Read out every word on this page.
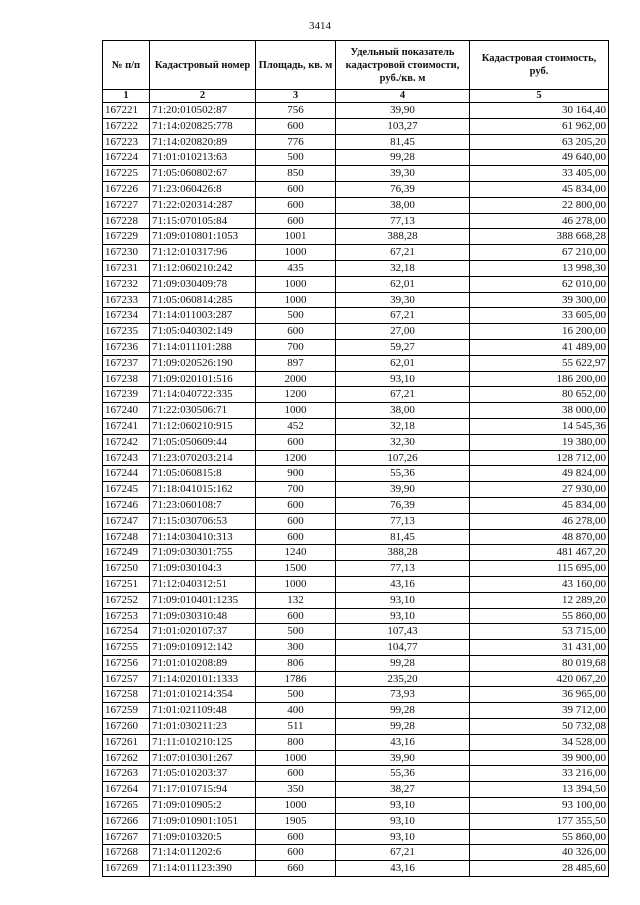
3414
№ п/п	Кадастровый номер	Площадь, кв. м	Удельный показатель кадастровой стоимости, руб./кв. м	Кадастровая стоимость, руб.
1	2	3	4	5
167221	71:20:010502:87	756	39,90	30 164,40
167222	71:14:020825:778	600	103,27	61 962,00
167223	71:14:020820:89	776	81,45	63 205,20
167224	71:01:010213:63	500	99,28	49 640,00
167225	71:05:060802:67	850	39,30	33 405,00
167226	71:23:060426:8	600	76,39	45 834,00
167227	71:22:020314:287	600	38,00	22 800,00
167228	71:15:070105:84	600	77,13	46 278,00
167229	71:09:010801:1053	1001	388,28	388 668,28
167230	71:12:010317:96	1000	67,21	67 210,00
167231	71:12:060210:242	435	32,18	13 998,30
167232	71:09:030409:78	1000	62,01	62 010,00
167233	71:05:060814:285	1000	39,30	39 300,00
167234	71:14:011003:287	500	67,21	33 605,00
167235	71:05:040302:149	600	27,00	16 200,00
167236	71:14:011101:288	700	59,27	41 489,00
167237	71:09:020526:190	897	62,01	55 622,97
167238	71:09:020101:516	2000	93,10	186 200,00
167239	71:14:040722:335	1200	67,21	80 652,00
167240	71:22:030506:71	1000	38,00	38 000,00
167241	71:12:060210:915	452	32,18	14 545,36
167242	71:05:050609:44	600	32,30	19 380,00
167243	71:23:070203:214	1200	107,26	128 712,00
167244	71:05:060815:8	900	55,36	49 824,00
167245	71:18:041015:162	700	39,90	27 930,00
167246	71:23:060108:7	600	76,39	45 834,00
167247	71:15:030706:53	600	77,13	46 278,00
167248	71:14:030410:313	600	81,45	48 870,00
167249	71:09:030301:755	1240	388,28	481 467,20
167250	71:09:030104:3	1500	77,13	115 695,00
167251	71:12:040312:51	1000	43,16	43 160,00
167252	71:09:010401:1235	132	93,10	12 289,20
167253	71:09:030310:48	600	93,10	55 860,00
167254	71:01:020107:37	500	107,43	53 715,00
167255	71:09:010912:142	300	104,77	31 431,00
167256	71:01:010208:89	806	99,28	80 019,68
167257	71:14:020101:1333	1786	235,20	420 067,20
167258	71:01:010214:354	500	73,93	36 965,00
167259	71:01:021109:48	400	99,28	39 712,00
167260	71:01:030211:23	511	99,28	50 732,08
167261	71:11:010210:125	800	43,16	34 528,00
167262	71:07:010301:267	1000	39,90	39 900,00
167263	71:05:010203:37	600	55,36	33 216,00
167264	71:17:010715:94	350	38,27	13 394,50
167265	71:09:010905:2	1000	93,10	93 100,00
167266	71:09:010901:1051	1905	93,10	177 355,50
167267	71:09:010320:5	600	93,10	55 860,00
167268	71:14:011202:6	600	67,21	40 326,00
167269	71:14:011123:390	660	43,16	28 485,60
